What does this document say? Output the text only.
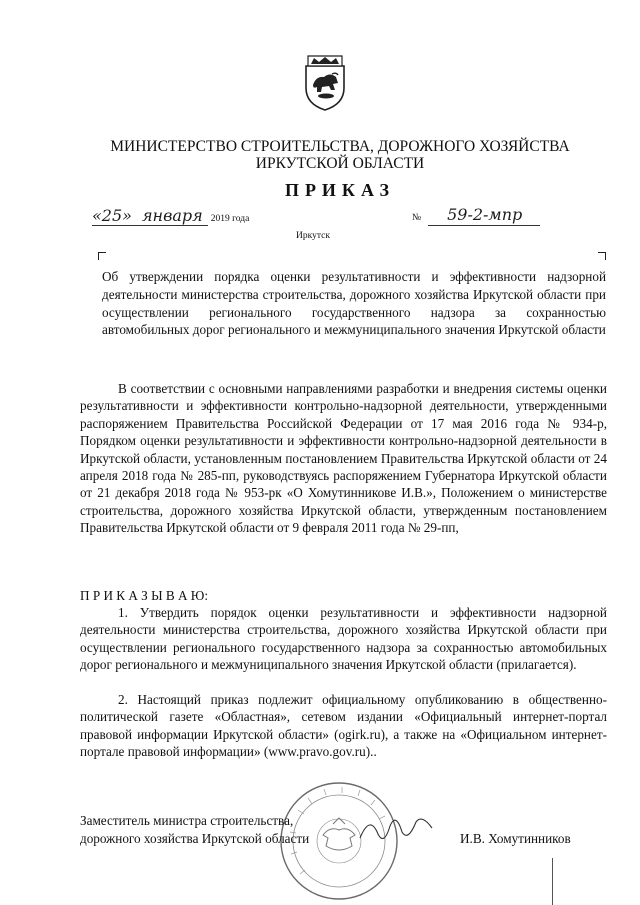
МИНИСТЕРСТВО СТРОИТЕЛЬСТВА, ДОРОЖНОГО ХОЗЯЙСТВА
ИРКУТСКОЙ ОБЛАСТИ
ПРИКАЗ
«25» января 2019 года	№ 59-2-мпр
Иркутск
Об утверждении порядка оценки результативности и эффективности надзорной деятельности министерства строительства, дорожного хозяйства Иркутской области при осуществлении регионального государственного надзора за сохранностью автомобильных дорог регионального и межмуниципального значения Иркутской области
В соответствии с основными направлениями разработки и внедрения системы оценки результативности и эффективности контрольно-надзорной деятельности, утвержденными распоряжением Правительства Российской Федерации от 17 мая 2016 года № 934-р, Порядком оценки результативности и эффективности контрольно-надзорной деятельности в Иркутской области, установленным постановлением Правительства Иркутской области от 24 апреля 2018 года № 285-пп, руководствуясь распоряжением Губернатора Иркутской области от 21 декабря 2018 года № 953-рк «О Хомутинникове И.В.», Положением о министерстве строительства, дорожного хозяйства Иркутской области, утвержденным постановлением Правительства Иркутской области от 9 февраля 2011 года № 29-пп,
П Р И К А З Ы В А Ю:
1. Утвердить порядок оценки результативности и эффективности надзорной деятельности министерства строительства, дорожного хозяйства Иркутской области при осуществлении регионального государственного надзора за сохранностью автомобильных дорог регионального и межмуниципального значения Иркутской области (прилагается).
2. Настоящий приказ подлежит официальному опубликованию в общественно-политической газете «Областная», сетевом издании «Официальный интернет-портал правовой информации Иркутской области» (ogirk.ru), а также на «Официальном интернет-портале правовой информации» (www.pravo.gov.ru)..
Заместитель министра строительства,
дорожного хозяйства Иркутской области	И.В. Хомутинников
